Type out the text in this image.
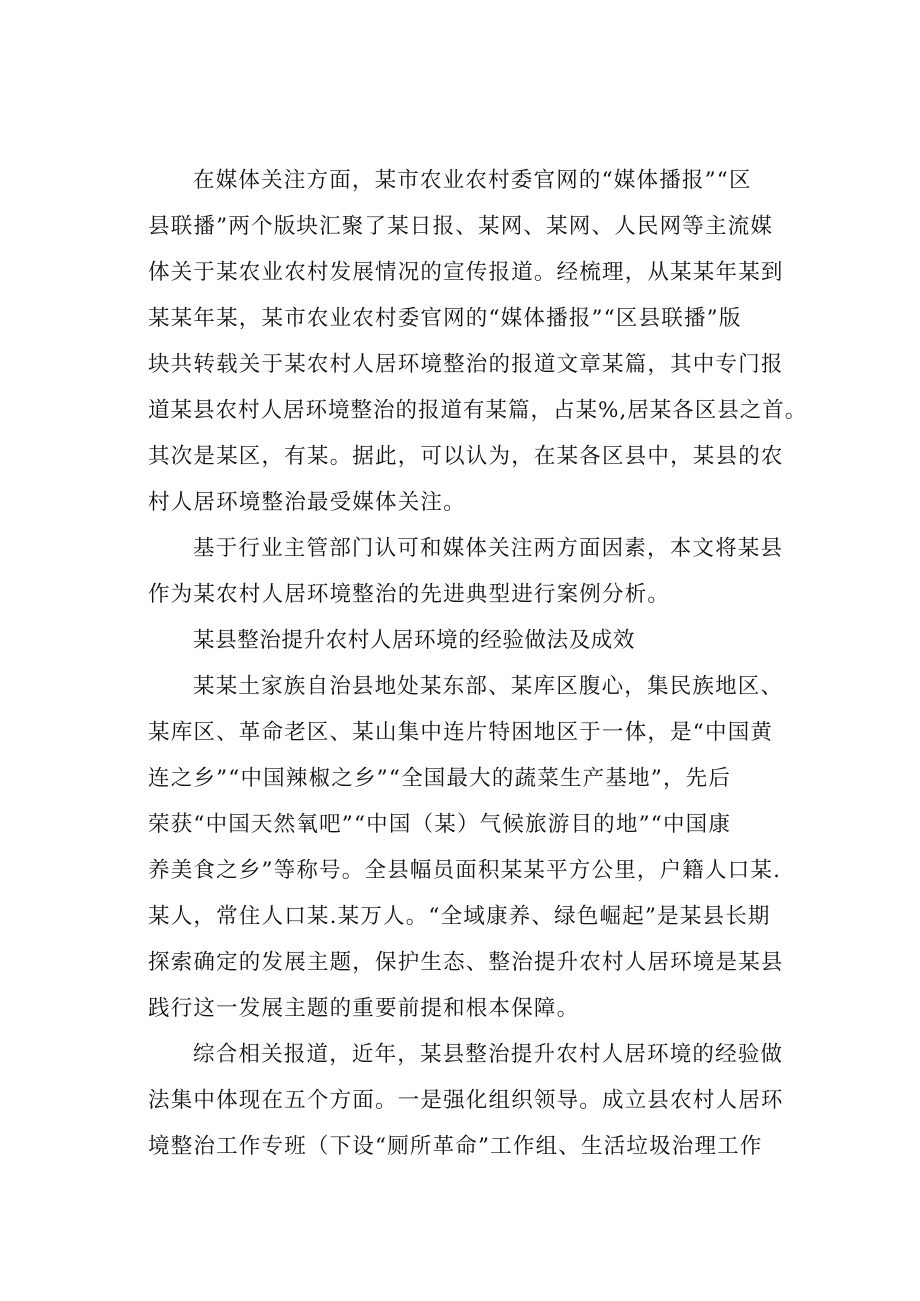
在媒体关注方面，某市农业农村委官网的“媒体播报”“区
县联播”两个版块汇聚了某日报、某网、某网、人民网等主流媒
体关于某农业农村发展情况的宣传报道。经梳理，从某某年某到
某某年某，某市农业农村委官网的“媒体播报”“区县联播”版
块共转载关于某农村人居环境整治的报道文章某篇，其中专门报
道某县农村人居环境整治的报道有某篇，占某%,居某各区县之首。
其次是某区，有某。据此，可以认为，在某各区县中，某县的农
村人居环境整治最受媒体关注。

基于行业主管部门认可和媒体关注两方面因素，本文将某县
作为某农村人居环境整治的先进典型进行案例分析。

某县整治提升农村人居环境的经验做法及成效

某某土家族自治县地处某东部、某库区腹心，集民族地区、
某库区、革命老区、某山集中连片特困地区于一体，是“中国黄
连之乡”“中国辣椒之乡”“全国最大的蔬菜生产基地”，先后
荣获“中国天然氧吧”“中国（某）气候旅游目的地”“中国康
养美食之乡”等称号。全县幅员面积某某平方公里，户籍人口某.
某人，常住人口某.某万人。“全域康养、绿色崛起”是某县长期
探索确定的发展主题，保护生态、整治提升农村人居环境是某县
践行这一发展主题的重要前提和根本保障。

综合相关报道，近年，某县整治提升农村人居环境的经验做
法集中体现在五个方面。一是强化组织领导。成立县农村人居环
境整治工作专班（下设“厕所革命”工作组、生活垃圾治理工作
